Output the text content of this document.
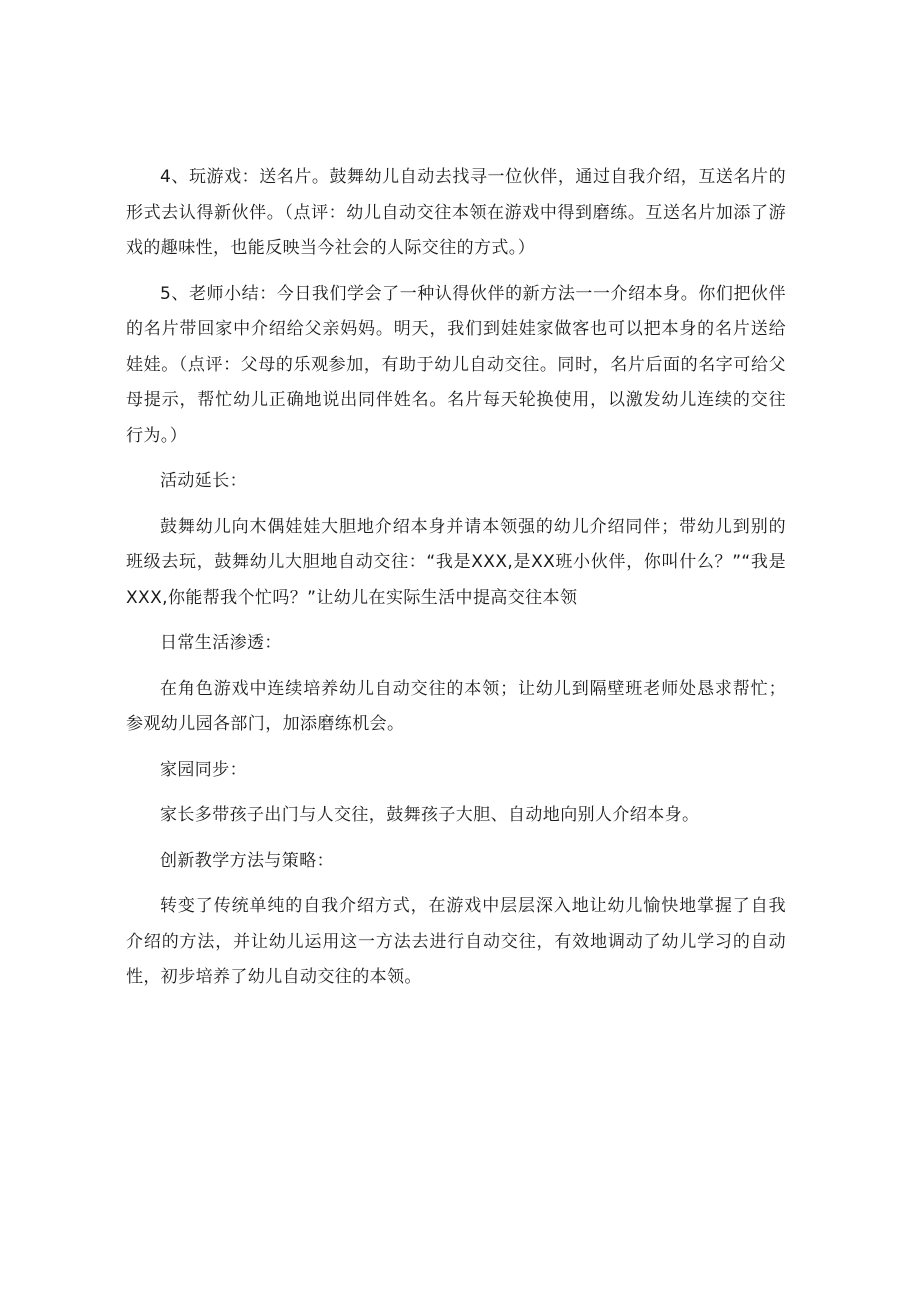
4、玩游戏：送名片。鼓舞幼儿自动去找寻一位伙伴，通过自我介绍，互送名片的形式去认得新伙伴。（点评：幼儿自动交往本领在游戏中得到磨练。互送名片加添了游戏的趣味性，也能反映当今社会的人际交往的方式。）

5、老师小结：今日我们学会了一种认得伙伴的新方法一一介绍本身。你们把伙伴的名片带回家中介绍给父亲妈妈。明天，我们到娃娃家做客也可以把本身的名片送给娃娃。（点评：父母的乐观参加，有助于幼儿自动交往。同时，名片后面的名字可给父母提示，帮忙幼儿正确地说出同伴姓名。名片每天轮换使用，以激发幼儿连续的交往行为。）

活动延长：

鼓舞幼儿向木偶娃娃大胆地介绍本身并请本领强的幼儿介绍同伴；带幼儿到别的班级去玩，鼓舞幼儿大胆地自动交往：“我是XXX,是XX班小伙伴，你叫什么？”“我是XXX,你能帮我个忙吗？”让幼儿在实际生活中提高交往本领

日常生活渗透：

在角色游戏中连续培养幼儿自动交往的本领；让幼儿到隔壁班老师处恳求帮忙；参观幼儿园各部门，加添磨练机会。

家园同步：

家长多带孩子出门与人交往，鼓舞孩子大胆、自动地向别人介绍本身。

创新教学方法与策略：

转变了传统单纯的自我介绍方式，在游戏中层层深入地让幼儿愉快地掌握了自我介绍的方法，并让幼儿运用这一方法去进行自动交往，有效地调动了幼儿学习的自动性，初步培养了幼儿自动交往的本领。
